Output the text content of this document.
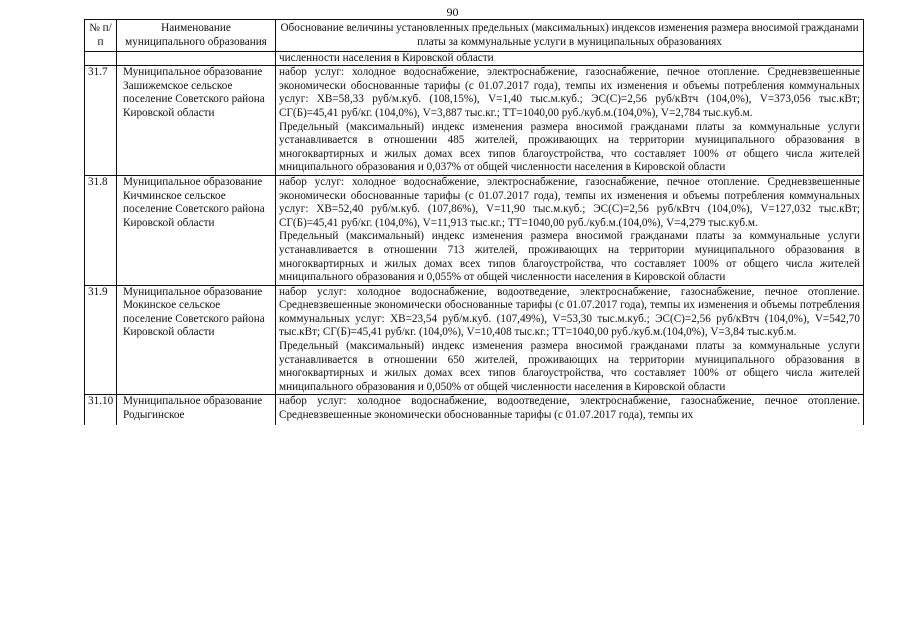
90
№ п/п	Наименование муниципального образования	Обоснование величины установленных предельных (максимальных) индексов изменения размера вносимой гражданами платы за коммунальные услуги в муниципальных образованиях
		численности населения в Кировской области
31.7	Муниципальное образование Зашижемское сельское поселение Советского района Кировской области	набор услуг: холодное водоснабжение, электроснабжение, газоснабжение, печное отопление. Средневзвешенные экономически обоснованные тарифы (с 01.07.2017 года), темпы их изменения и объемы потребления коммунальных услуг: ХВ=58,33 руб/м.куб. (108,15%), V=1,40 тыс.м.куб.; ЭС(С)=2,56 руб/кВтч (104,0%), V=373,056 тыс.кВт; СГ(Б)=45,41 руб/кг. (104,0%), V=3,887 тыс.кг.; ТТ=1040,00 руб./куб.м.(104,0%), V=2,784 тыс.куб.м.

Предельный (максимальный) индекс изменения размера вносимой гражданами платы за коммунальные услуги устанавливается в отношении 485 жителей, проживающих на территории муниципального образования в многоквартирных и жилых домах всех типов благоустройства, что составляет 100% от общего числа жителей мниципального образования и 0,037% от общей численности населения в Кировской области

31.8	Муниципальное образование Кичминское сельское поселение Советского района Кировской области	набор услуг: холодное водоснабжение, электроснабжение, газоснабжение, печное отопление. Средневзвешенные экономически обоснованные тарифы (с 01.07.2017 года), темпы их изменения и объемы потребления коммунальных услуг: ХВ=52,40 руб/м.куб. (107,86%), V=11,90 тыс.м.куб.; ЭС(С)=2,56 руб/кВтч (104,0%), V=127,032 тыс.кВт; СГ(Б)=45,41 руб/кг. (104,0%), V=11,913 тыс.кг.; ТТ=1040,00 руб./куб.м.(104,0%), V=4,279 тыс.куб.м.

Предельный (максимальный) индекс изменения размера вносимой гражданами платы за коммунальные услуги устанавливается в отношении 713 жителей, проживающих на территории муниципального образования в многоквартирных и жилых домах всех типов благоустройства, что составляет 100% от общего числа жителей мниципального образования и 0,055% от общей численности населения в Кировской области

31.9	Муниципальное образование Мокинское сельское поселение Советского района Кировской области	набор услуг: холодное водоснабжение, водоотведение, электроснабжение, газоснабжение, печное отопление. Средневзвешенные экономически обоснованные тарифы (с 01.07.2017 года), темпы их изменения и объемы потребления коммунальных услуг: ХВ=23,54 руб/м.куб. (107,49%), V=53,30 тыс.м.куб.; ЭС(С)=2,56 руб/кВтч (104,0%), V=542,70 тыс.кВт; СГ(Б)=45,41 руб/кг. (104,0%), V=10,408 тыс.кг.; ТТ=1040,00 руб./куб.м.(104,0%), V=3,84 тыс.куб.м.

Предельный (максимальный) индекс изменения размера вносимой гражданами платы за коммунальные услуги устанавливается в отношении 650 жителей, проживающих на территории муниципального образования в многоквартирных и жилых домах всех типов благоустройства, что составляет 100% от общего числа жителей мниципального образования и 0,050% от общей численности населения в Кировской области

31.10	Муниципальное образование Родыгинское	набор услуг: холодное водоснабжение, водоотведение, электроснабжение, газоснабжение, печное отопление. Средневзвешенные экономически обоснованные тарифы (с 01.07.2017 года), темпы их
